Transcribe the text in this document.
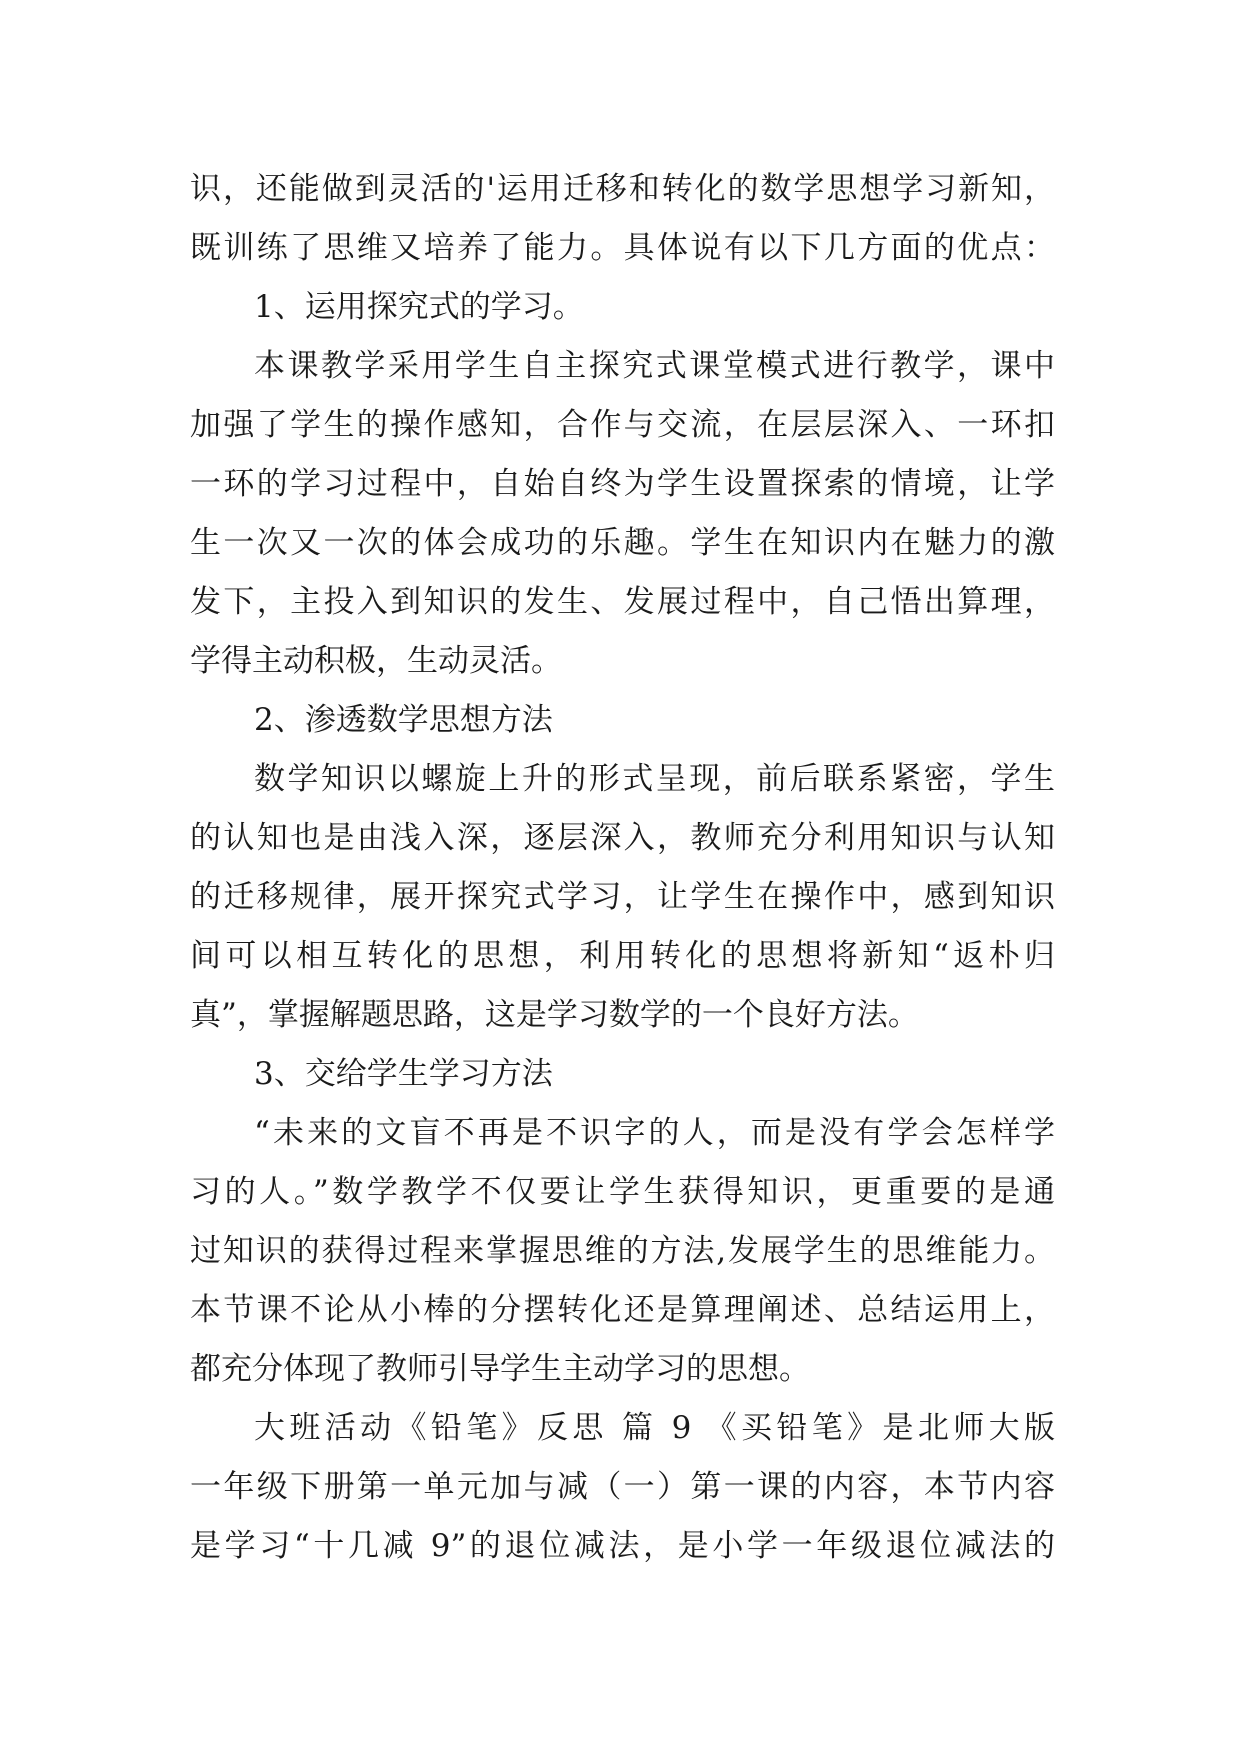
识，还能做到灵活的'运用迁移和转化的数学思想学习新知，
既训练了思维又培养了能力。具体说有以下几方面的优点：
1、运用探究式的学习。
本课教学采用学生自主探究式课堂模式进行教学，课中
加强了学生的操作感知，合作与交流，在层层深入、一环扣
一环的学习过程中，自始自终为学生设置探索的情境，让学
生一次又一次的体会成功的乐趣。学生在知识内在魅力的激
发下，主投入到知识的发生、发展过程中，自己悟出算理，
学得主动积极，生动灵活。
2、渗透数学思想方法
数学知识以螺旋上升的形式呈现，前后联系紧密，学生
的认知也是由浅入深，逐层深入，教师充分利用知识与认知
的迁移规律，展开探究式学习，让学生在操作中，感到知识
间可以相互转化的思想，利用转化的思想将新知“返朴归
真”，掌握解题思路，这是学习数学的一个良好方法。
3、交给学生学习方法
“未来的文盲不再是不识字的人，而是没有学会怎样学
习的人。”数学教学不仅要让学生获得知识，更重要的是通
过知识的获得过程来掌握思维的方法,发展学生的思维能力。
本节课不论从小棒的分摆转化还是算理阐述、总结运用上，
都充分体现了教师引导学生主动学习的思想。
大班活动《铅笔》反思 篇 9 《买铅笔》是北师大版
一年级下册第一单元加与减（一）第一课的内容，本节内容
是学习“十几减 9”的退位减法，是小学一年级退位减法的
